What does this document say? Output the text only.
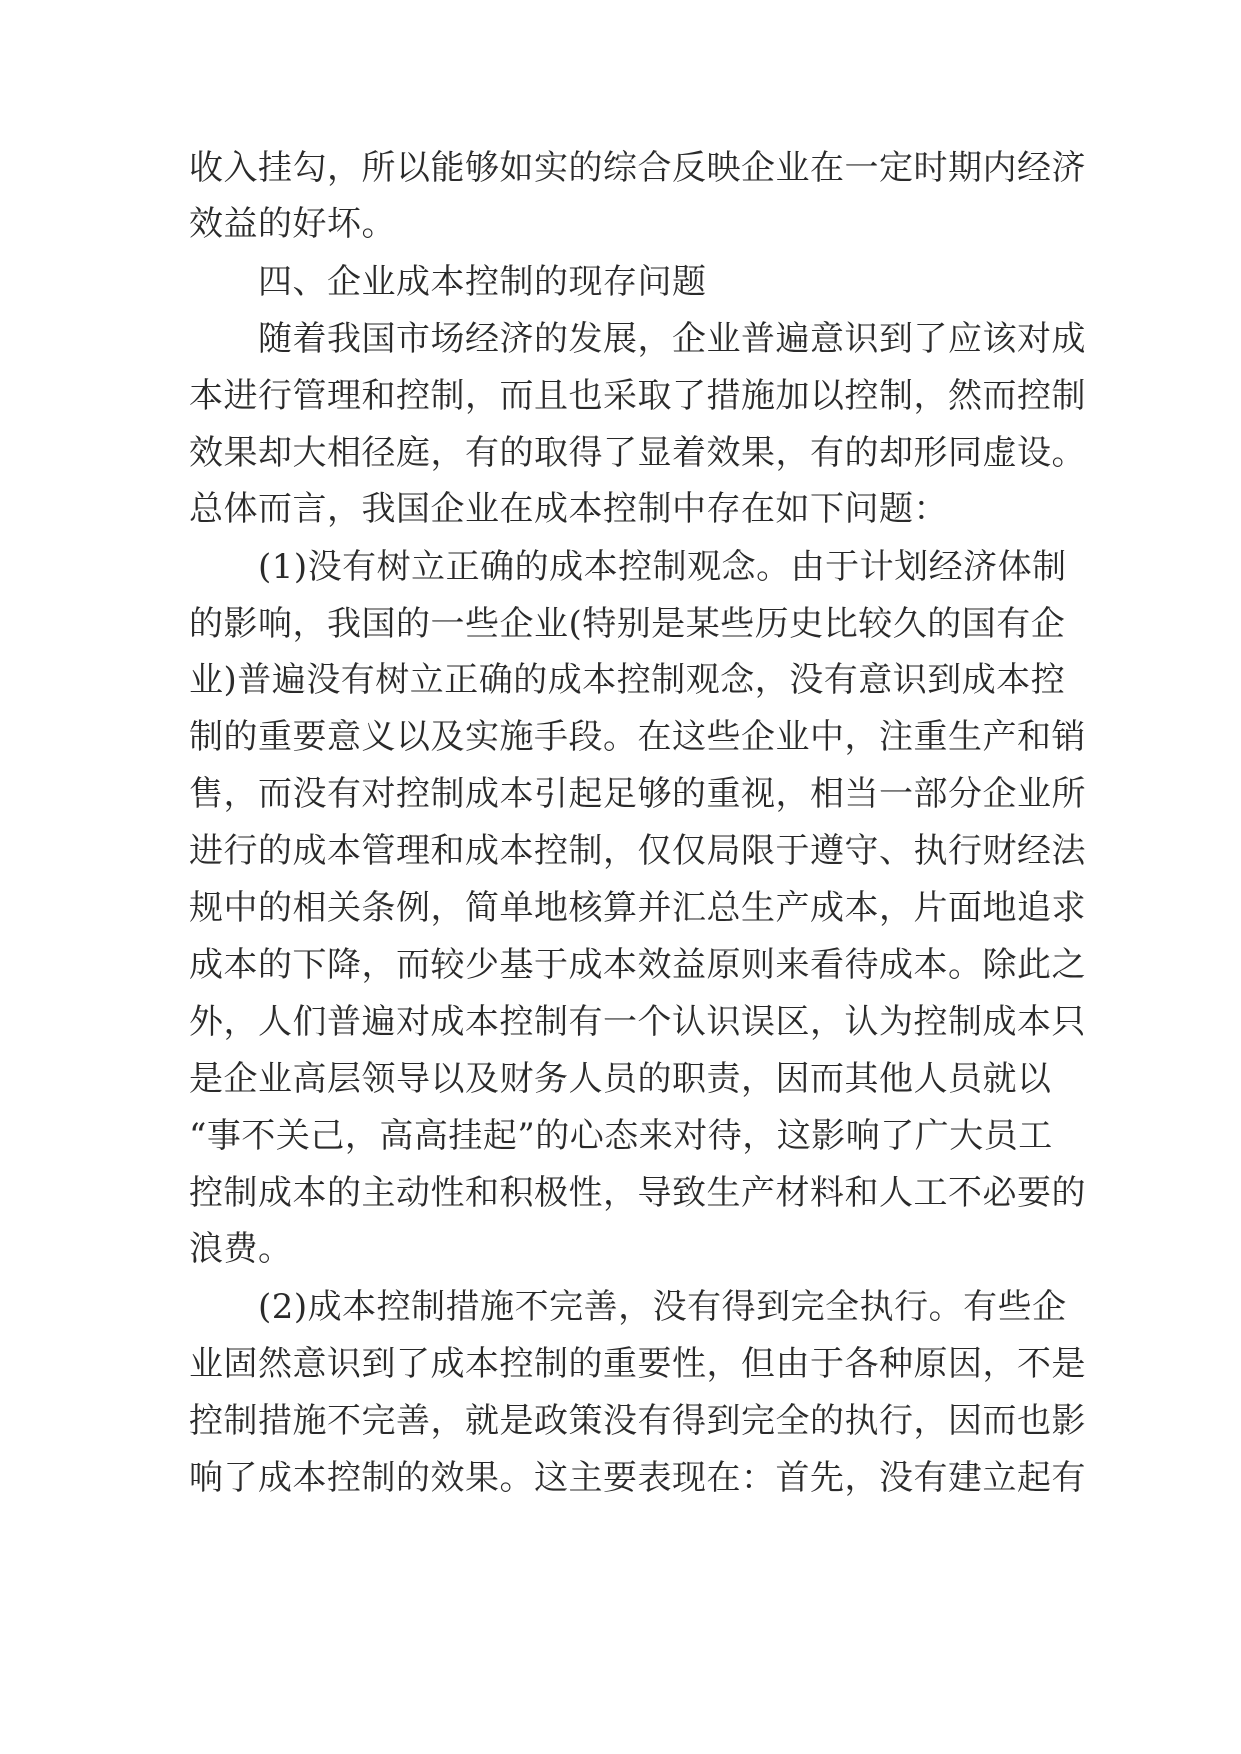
收入挂勾，所以能够如实的综合反映企业在一定时期内经济
效益的好坏。
四、企业成本控制的现存问题
随着我国市场经济的发展，企业普遍意识到了应该对成
本进行管理和控制，而且也采取了措施加以控制，然而控制
效果却大相径庭，有的取得了显着效果，有的却形同虚设。
总体而言，我国企业在成本控制中存在如下问题：
(1)没有树立正确的成本控制观念。由于计划经济体制
的影响，我国的一些企业(特别是某些历史比较久的国有企
业)普遍没有树立正确的成本控制观念，没有意识到成本控
制的重要意义以及实施手段。在这些企业中，注重生产和销
售，而没有对控制成本引起足够的重视，相当一部分企业所
进行的成本管理和成本控制，仅仅局限于遵守、执行财经法
规中的相关条例，简单地核算并汇总生产成本，片面地追求
成本的下降，而较少基于成本效益原则来看待成本。除此之
外，人们普遍对成本控制有一个认识误区，认为控制成本只
是企业高层领导以及财务人员的职责，因而其他人员就以
“事不关己，高高挂起”的心态来对待，这影响了广大员工
控制成本的主动性和积极性，导致生产材料和人工不必要的
浪费。
(2)成本控制措施不完善，没有得到完全执行。有些企
业固然意识到了成本控制的重要性，但由于各种原因，不是
控制措施不完善，就是政策没有得到完全的执行，因而也影
响了成本控制的效果。这主要表现在：首先，没有建立起有
